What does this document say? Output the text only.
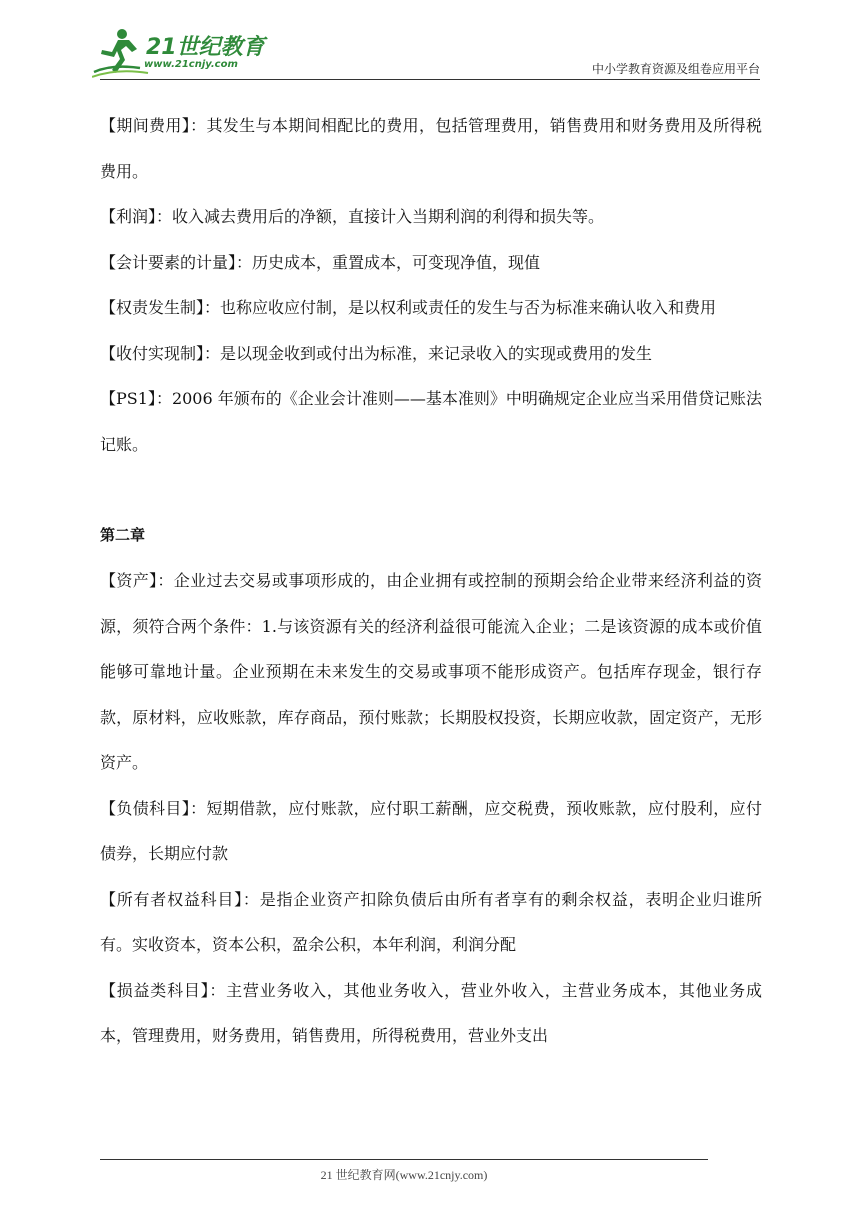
21世纪教育
www.21cnjy.com	中小学教育资源及组卷应用平台

【期间费用】：其发生与本期间相配比的费用，包括管理费用，销售费用和财务费用及所得税费用。

【利润】：收入减去费用后的净额，直接计入当期利润的利得和损失等。

【会计要素的计量】：历史成本，重置成本，可变现净值，现值

【权责发生制】：也称应收应付制，是以权利或责任的发生与否为标准来确认收入和费用

【收付实现制】：是以现金收到或付出为标准，来记录收入的实现或费用的发生

【PS1】：2006 年颁布的《企业会计准则——基本准则》中明确规定企业应当采用借贷记账法记账。

第二章

【资产】：企业过去交易或事项形成的，由企业拥有或控制的预期会给企业带来经济利益的资源，须符合两个条件：1.与该资源有关的经济利益很可能流入企业；二是该资源的成本或价值能够可靠地计量。企业预期在未来发生的交易或事项不能形成资产。包括库存现金，银行存款，原材料，应收账款，库存商品，预付账款；长期股权投资，长期应收款，固定资产，无形资产。

【负债科目】：短期借款，应付账款，应付职工薪酬，应交税费，预收账款，应付股利，应付债券，长期应付款

【所有者权益科目】：是指企业资产扣除负债后由所有者享有的剩余权益，表明企业归谁所有。实收资本，资本公积，盈余公积，本年利润，利润分配

【损益类科目】：主营业务收入，其他业务收入，营业外收入，主营业务成本，其他业务成本，管理费用，财务费用，销售费用，所得税费用，营业外支出

21 世纪教育网(www.21cnjy.com)
